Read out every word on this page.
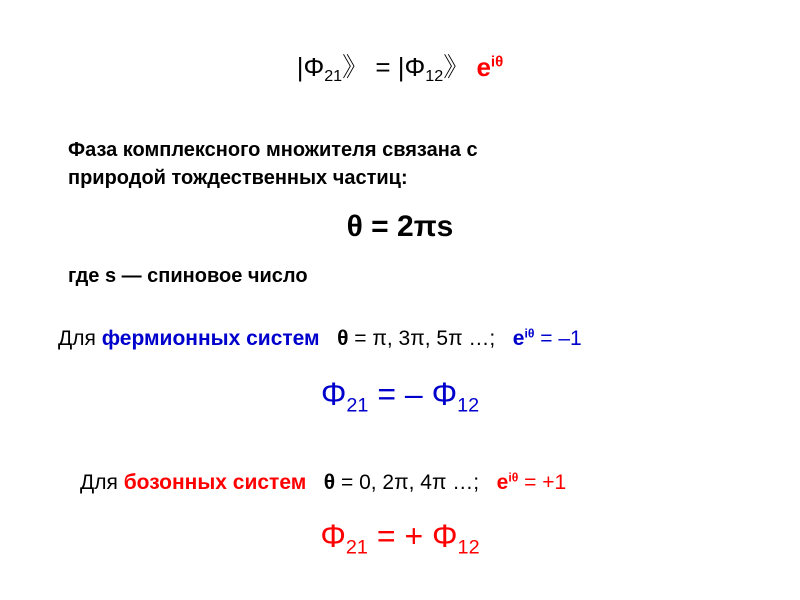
$|\Phi_{21}$》 = $|\Phi_{12}$》 $e^{i\theta}$
Фаза комплексного множителя связана с
природой тождественных частиц:
θ = 2πs
где s — спиновое число
Для фермионных систем θ = π, 3π, 5π …; $e^{i\theta} = -1$
$\Phi_{21}$ = – $\Phi_{12}$
Для бозонных систем θ = 0, 2π, 4π …; $e^{i\theta} = +1$
$\Phi_{21}$ = + $\Phi_{12}$
